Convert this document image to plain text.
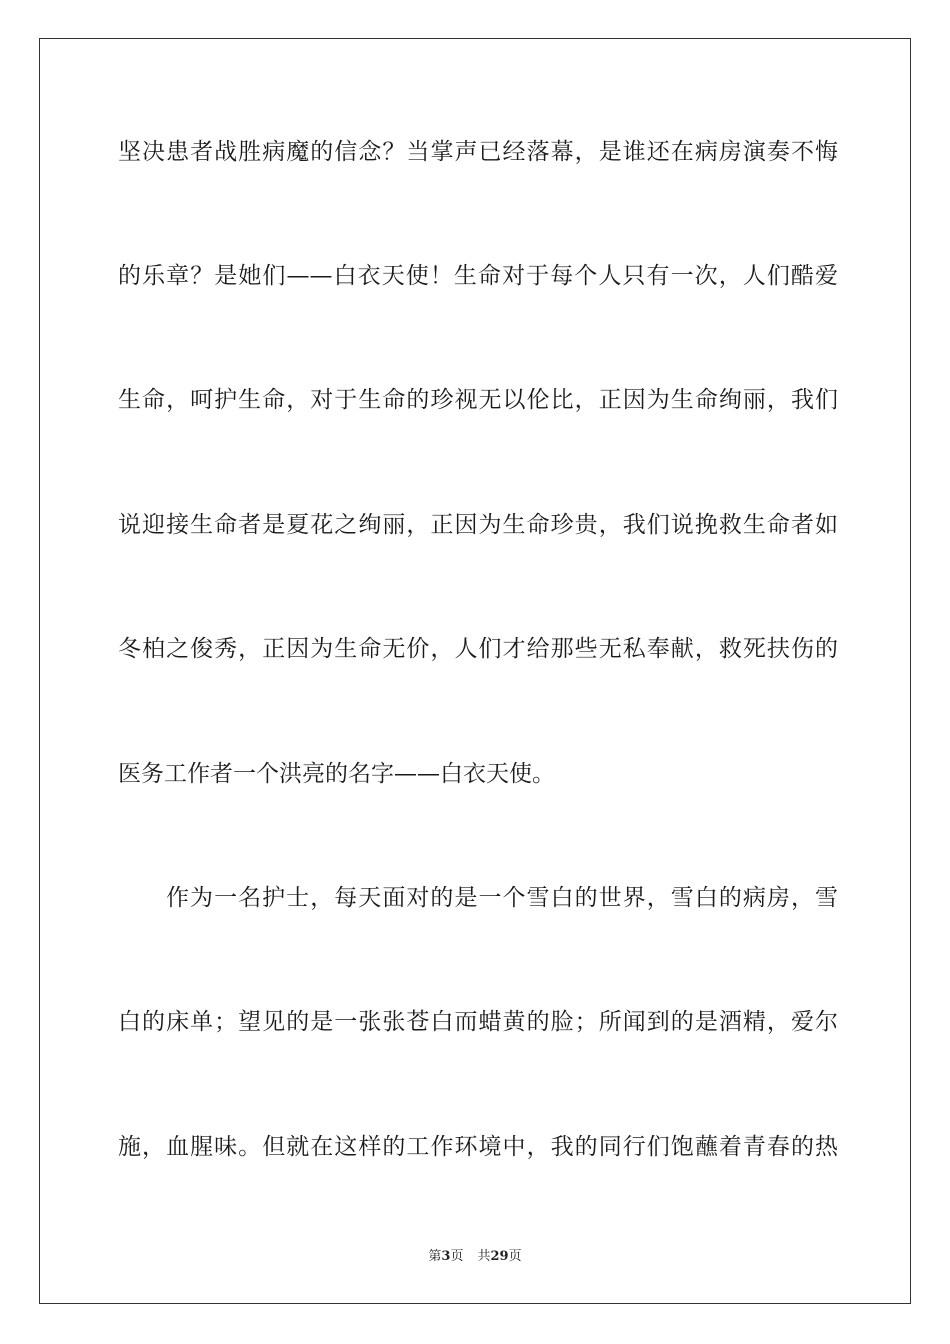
坚决患者战胜病魔的信念？当掌声已经落幕，是谁还在病房演奏不悔
的乐章？是她们——白衣天使！生命对于每个人只有一次，人们酷爱
生命，呵护生命，对于生命的珍视无以伦比，正因为生命绚丽，我们
说迎接生命者是夏花之绚丽，正因为生命珍贵，我们说挽救生命者如
冬柏之俊秀，正因为生命无价，人们才给那些无私奉献，救死扶伤的
医务工作者一个洪亮的名字——白衣天使。
作为一名护士，每天面对的是一个雪白的世界，雪白的病房，雪
白的床单；望见的是一张张苍白而蜡黄的脸；所闻到的是酒精，爱尔
施，血腥味。但就在这样的工作环境中，我的同行们饱蘸着青春的热
第3页 共29页
